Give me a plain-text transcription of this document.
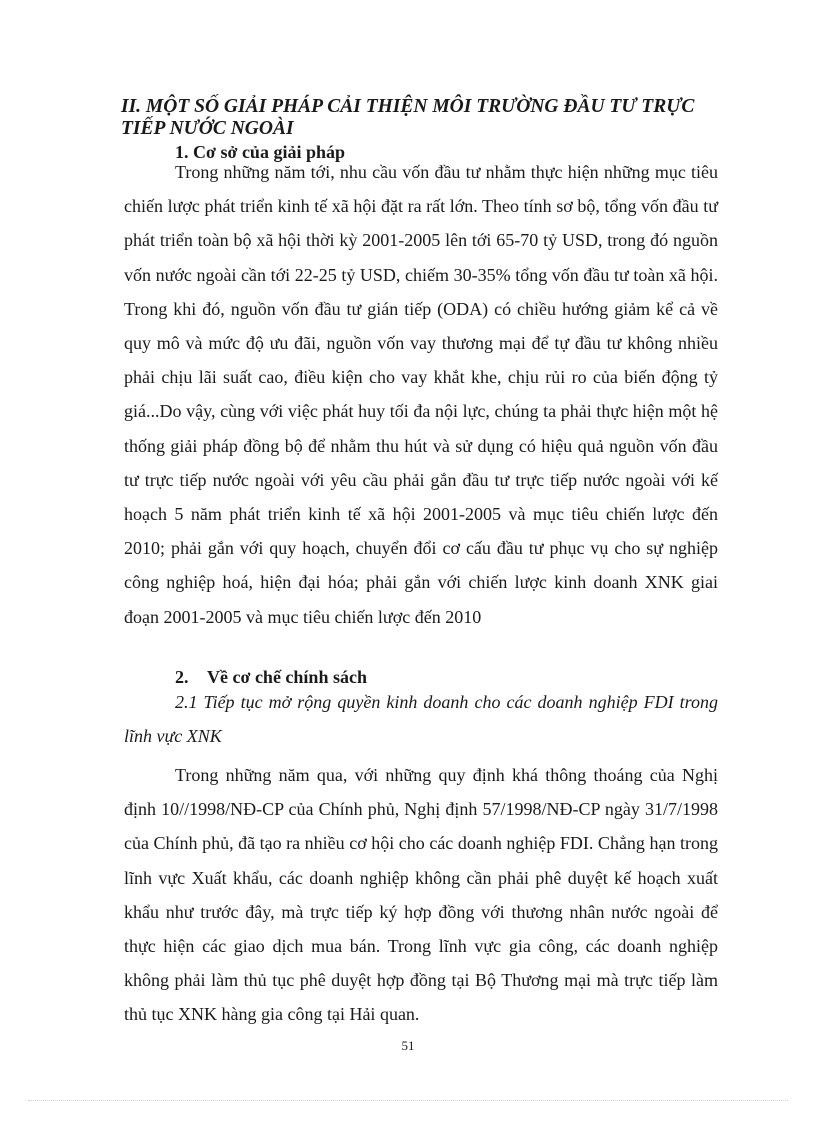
II. MỘT SỐ GIẢI PHÁP CẢI THIỆN MÔI TRƯỜNG ĐẦU TƯ TRỰC TIẾP NƯỚC NGOÀI
1. Cơ sở của giải pháp

Trong những năm tới, nhu cầu vốn đầu tư nhằm thực hiện những mục tiêu chiến lược phát triển kinh tế xã hội đặt ra rất lớn. Theo tính sơ bộ, tổng vốn đầu tư phát triển toàn bộ xã hội thời kỳ 2001-2005 lên tới 65-70 tỷ USD, trong đó nguồn vốn nước ngoài cần tới 22-25 tỷ USD, chiếm 30-35% tổng vốn đầu tư toàn xã hội. Trong khi đó, nguồn vốn đầu tư gián tiếp (ODA) có chiều hướng giảm kể cả về quy mô và mức độ ưu đãi, nguồn vốn vay thương mại để tự đầu tư không nhiều phải chịu lãi suất cao, điều kiện cho vay khắt khe, chịu rủi ro của biến động tỷ giá...Do vậy, cùng với việc phát huy tối đa nội lực, chúng ta phải thực hiện một hệ thống giải pháp đồng bộ để nhằm thu hút và sử dụng có hiệu quả nguồn vốn đầu tư trực tiếp nước ngoài với yêu cầu phải gắn đầu tư trực tiếp nước ngoài với kế hoạch 5 năm phát triển kinh tế xã hội 2001-2005 và mục tiêu chiến lược đến 2010; phải gắn với quy hoạch, chuyển đổi cơ cấu đầu tư phục vụ cho sự nghiệp công nghiệp hoá, hiện đại hóa; phải gắn với chiến lược kinh doanh XNK giai đoạn 2001-2005 và mục tiêu chiến lược đến 2010

2. Về cơ chế chính sách

2.1 Tiếp tục mở rộng quyền kinh doanh cho các doanh nghiệp FDI trong lĩnh vực XNK

Trong những năm qua, với những quy định khá thông thoáng của Nghị định 10//1998/NĐ-CP của Chính phủ, Nghị định 57/1998/NĐ-CP ngày 31/7/1998 của Chính phủ, đã tạo ra nhiều cơ hội cho các doanh nghiệp FDI. Chẳng hạn trong lĩnh vực Xuất khẩu, các doanh nghiệp không cần phải phê duyệt kế hoạch xuất khẩu như trước đây, mà trực tiếp ký hợp đồng với thương nhân nước ngoài để thực hiện các giao dịch mua bán. Trong lĩnh vực gia công, các doanh nghiệp không phải làm thủ tục phê duyệt hợp đồng tại Bộ Thương mại mà trực tiếp làm thủ tục XNK hàng gia công tại Hải quan.

51
